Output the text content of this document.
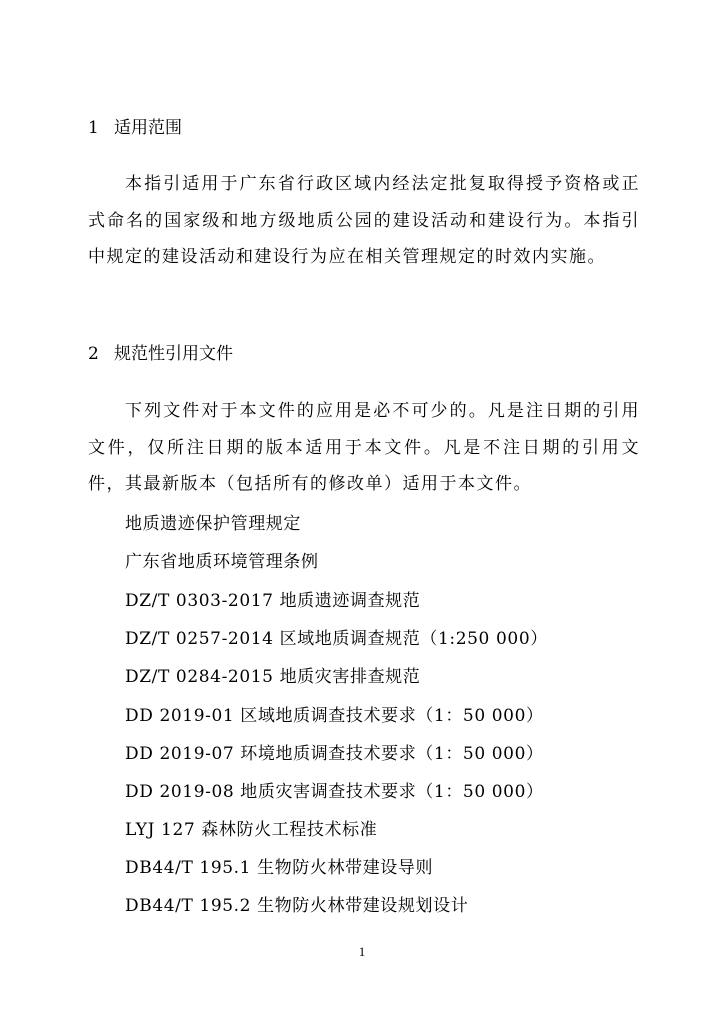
1 适用范围

本指引适用于广东省行政区域内经法定批复取得授予资格或正式命名的国家级和地方级地质公园的建设活动和建设行为。本指引中规定的建设活动和建设行为应在相关管理规定的时效内实施。

2 规范性引用文件

下列文件对于本文件的应用是必不可少的。凡是注日期的引用文件，仅所注日期的版本适用于本文件。凡是不注日期的引用文件，其最新版本（包括所有的修改单）适用于本文件。

地质遗迹保护管理规定
广东省地质环境管理条例
DZ/T 0303-2017 地质遗迹调查规范
DZ/T 0257-2014 区域地质调查规范（1:250 000）
DZ/T 0284-2015 地质灾害排查规范
DD 2019-01 区域地质调查技术要求（1：50 000）
DD 2019-07 环境地质调查技术要求（1：50 000）
DD 2019-08 地质灾害调查技术要求（1：50 000）
LYJ 127 森林防火工程技术标准
DB44/T 195.1 生物防火林带建设导则
DB44/T 195.2 生物防火林带建设规划设计
1
